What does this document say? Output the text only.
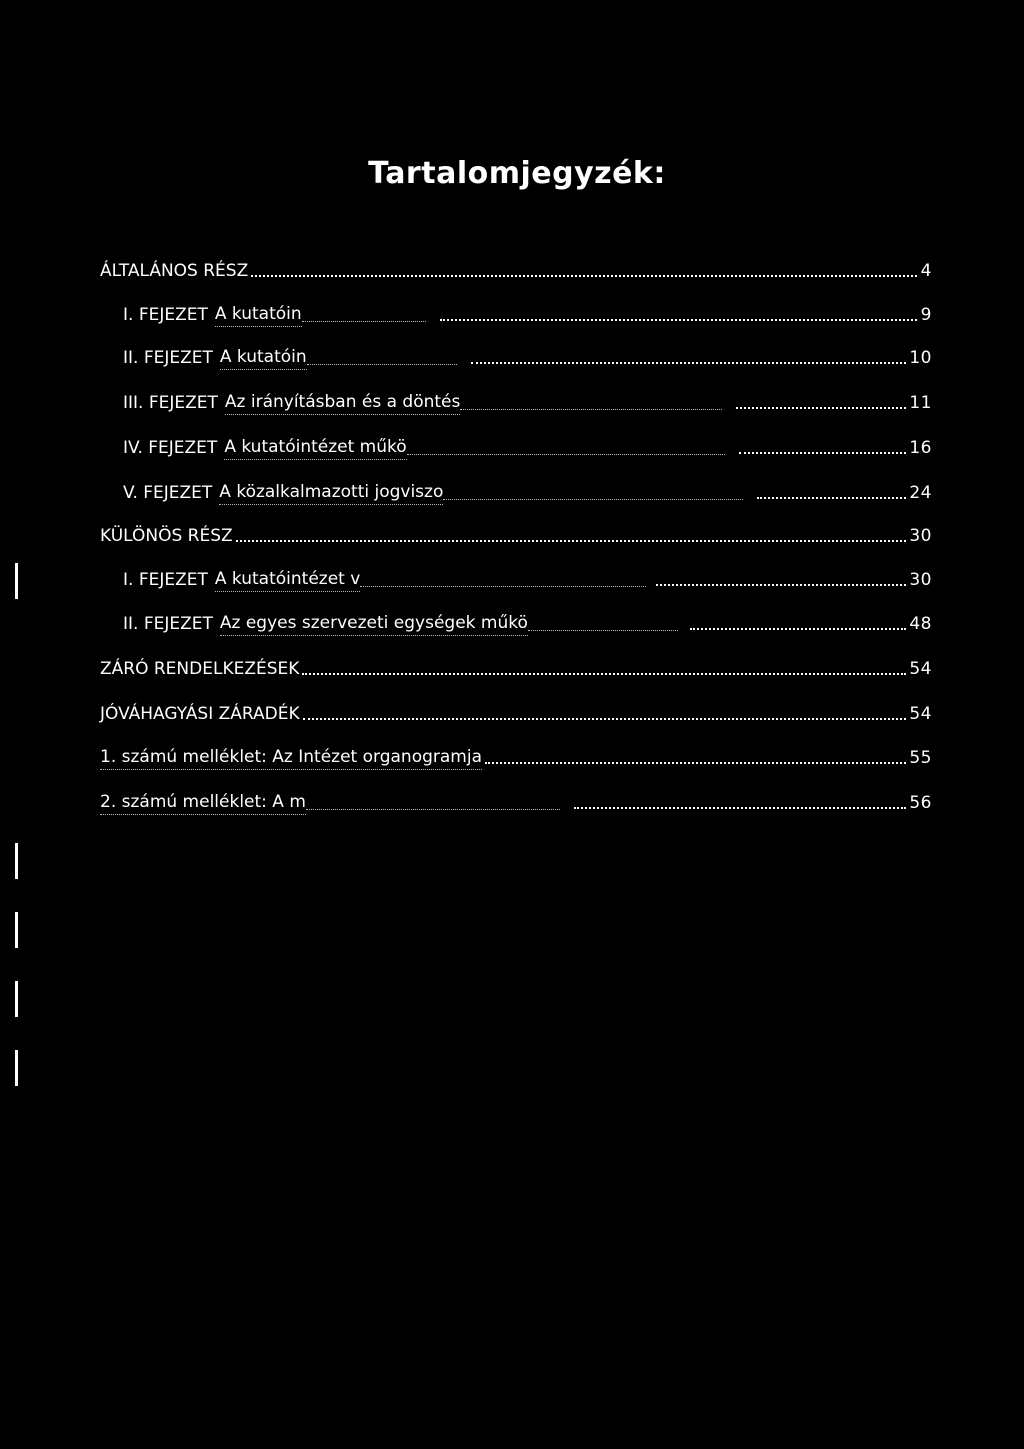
Tartalomjegyzék:
ÁLTALÁNOS RÉSZ	4
I. FEJEZET A kutatóin	9
II. FEJEZET A kutatóin	10
III. FEJEZET Az irányításban és a döntés	11
IV. FEJEZET A kutatóintézet műkö	16
V. FEJEZET A közalkalmazotti jogviszo	24
KÜLÖNÖS RÉSZ	30
I. FEJEZET A kutatóintézet v	30
II. FEJEZET Az egyes szervezeti egységek műkö	48
ZÁRÓ RENDELKEZÉSEK	54
JÓVÁHAGYÁSI ZÁRADÉK	54
1. számú melléklet: Az Intézet organogramja	55
2. számú melléklet: A m	56
